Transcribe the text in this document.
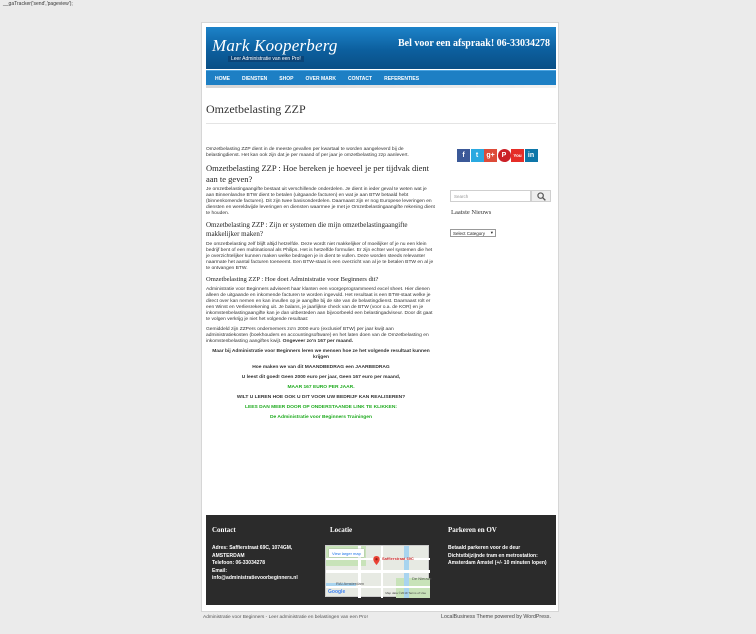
__gaTracker('send','pageview');
Mark Kooperberg
Leer Administratie van een Pro!
Bel voor een afspraak! 06-33034278
HOME DIENSTEN SHOP OVER MARK CONTACT REFERENTIES
Omzetbelasting ZZP

Omzetbelasting ZZP dient in de meeste gevallen per kwartaal te worden aangeleverd bij de belastingdienst. Het kan ook zijn dat je per maand of per jaar je omzetbelasting zzp aanlevert.

Omzetbelasting ZZP : Hoe bereken je hoeveel je per tijdvak dient aan te geven?

Je omzetbelastingaangifte bestaat uit verschillende onderdelen. Je dient in ieder geval te weten wat je aan Binnenlandse BTW dient te betalen (uitgaande facturen) en wat je aan BTW betaald hebt (binnenkomende facturen). Dit zijn twee basisonderdelen. Daarnaast zijn er nog Europese leveringen en diensten en wereldwijde leveringen en diensten waarmee je met je Omzetbelastingaangifte rekening dient te houden.

Omzetbelasting ZZP : Zijn er systemen die mijn omzetbelastingaangifte makkelijker maken?

De omzetbelasting zelf blijft altijd hetzelfde. Deze wordt niet makkelijker of moeilijker of je nu een klein bedrijf bent of een multinational als Philips. Het is hetzelfde formulier. Er zijn echter wel systemen die het je overzichtelijker kunnen maken welke bedragen je in dient te vullen. Deze worden steeds relevanter naarmate het aantal facturen toeneemt. Een BTW-staat is een overzicht van al je te betalen BTW en al je te ontvangen BTW.

Omzetbelasting ZZP : Hoe doet Administratie voor Beginners dit?

Administratie voor Beginners adviseert haar klanten een voorgeprogrammeerd excel sheet. Hier dienen alleen de uitgaande en inkomende facturen te worden ingevuld. Het resultaat is een BTW-staat welke je direct over kan nemen en kan invullen op je aangifte bij de site van de belastingdienst. Daarnaast rolt er een Winst en Verliesrekening uit. Je balans, je jaarlijkse check van de BTW (voor o.a. de KOR) en je inkomstenbelastingaangifte kan je dan uitbesteden aan bijvoorbeeld een belastingadviseur. Door dit gaat te volgen verkrijg je niet het volgende resultaat:

Gemiddeld zijn ZZPers ondernemers zo'n 2000 euro (exclusief BTW) per jaar kwijt aan administratiekosten (boekhouders en accountingsoftware) en het laten doen van de Omzetbelasting en inkomstenbelasting aangiftes kwijt. Ongeveer zo'n 167 per maand.

Maar bij Administratie voor Beginners leren we mensen hoe ze het volgende resultaat kunnen krijgen

Hoe maken we van dit MAANDBEDRAG een JAARBEDRAG

U leest dit goed! Geen 2000 euro per jaar, Geen 167 euro per maand,

MAAR 167 EURO PER JAAR.

WILT U LEREN HOE OOK U DIT VOOR UW BEDRIJF KAN REALISEREN?

LEES DAN MEER DOOR OP ONDERSTAANDE LINK TE KLIKKEN:

De Administratie voor Beginners Trainingen

f	t	g+ P	You Tube
in
Search
Laatste Nieuws
Select Category ▾
Contact
Adres: Saffierstraat 69C, 1074GM,
AMSTERDAM
Telefoon: 06-33034278
Email:
info@administratievoorbeginners.nl
Locatie
View larger map
Saffierstraat 69C
RAI Amsterdam
De Nieuwe
Google	Map data ©2019 Terms of Use
Parkeren en OV
Betaald parkeren voor de deur Dichtstbijzijnde tram en metrostation: Amsterdam Amstel (+/- 10 minuten lopen)
Administratie voor Beginners - Leer administratie en belastingen van een Pro!	LocalBusiness Theme powered by WordPress.
